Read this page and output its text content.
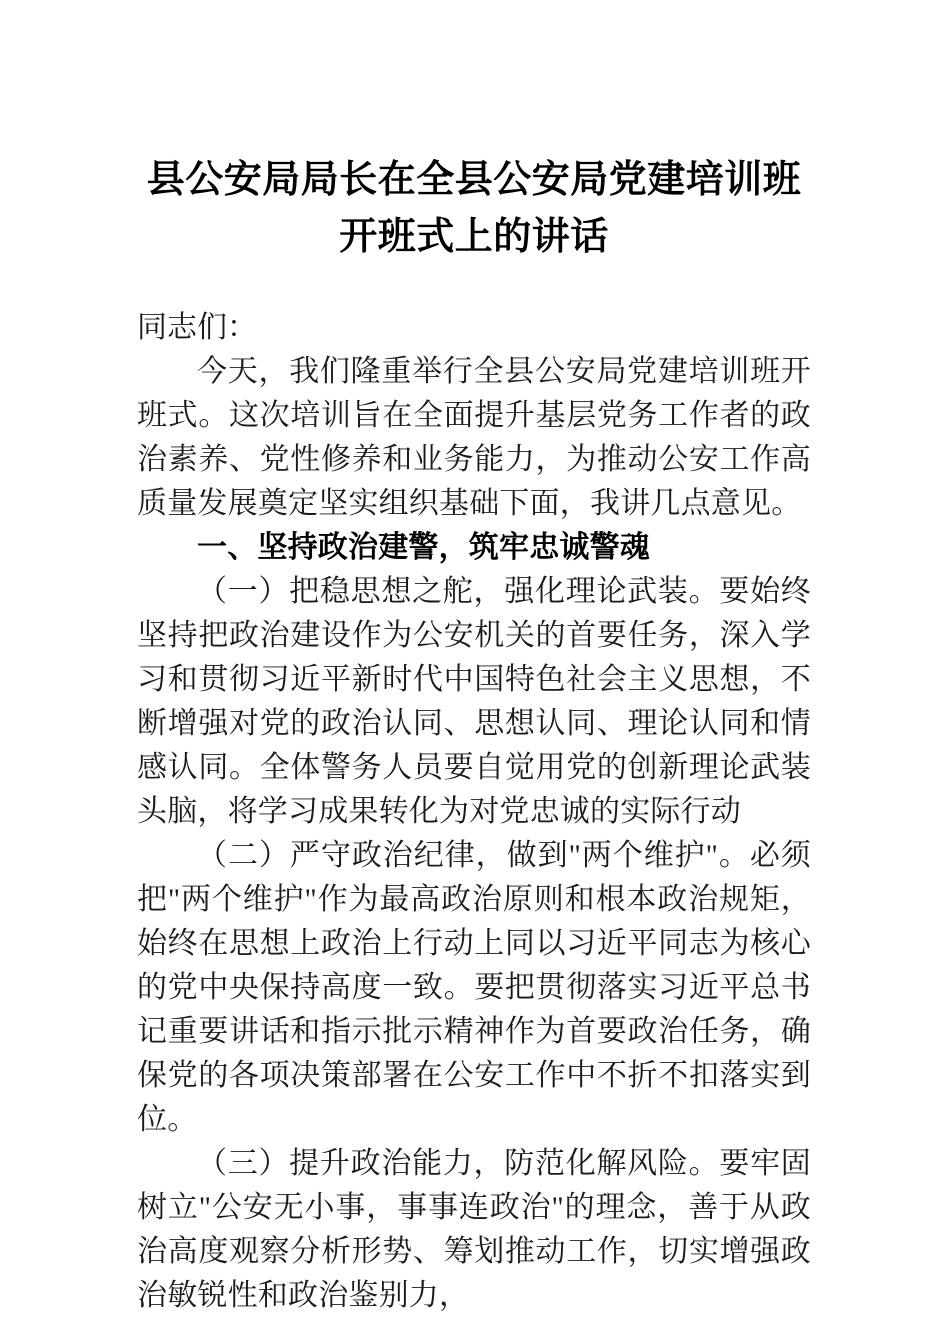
县公安局局长在全县公安局党建培训班开班式上的讲话

同志们：

今天，我们隆重举行全县公安局党建培训班开班式。这次培训旨在全面提升基层党务工作者的政治素养、党性修养和业务能力，为推动公安工作高质量发展奠定坚实组织基础下面，我讲几点意见。

一、坚持政治建警，筑牢忠诚警魂

（一）把稳思想之舵，强化理论武装。要始终坚持把政治建设作为公安机关的首要任务，深入学习和贯彻习近平新时代中国特色社会主义思想，不断增强对党的政治认同、思想认同、理论认同和情感认同。全体警务人员要自觉用党的创新理论武装头脑，将学习成果转化为对党忠诚的实际行动

（二）严守政治纪律，做到"两个维护"。必须把"两个维护"作为最高政治原则和根本政治规矩，始终在思想上政治上行动上同以习近平同志为核心的党中央保持高度一致。要把贯彻落实习近平总书记重要讲话和指示批示精神作为首要政治任务，确保党的各项决策部署在公安工作中不折不扣落实到位。

（三）提升政治能力，防范化解风险。要牢固树立"公安无小事，事事连政治"的理念，善于从政治高度观察分析形势、筹划推动工作，切实增强政治敏锐性和政治鉴别力，
